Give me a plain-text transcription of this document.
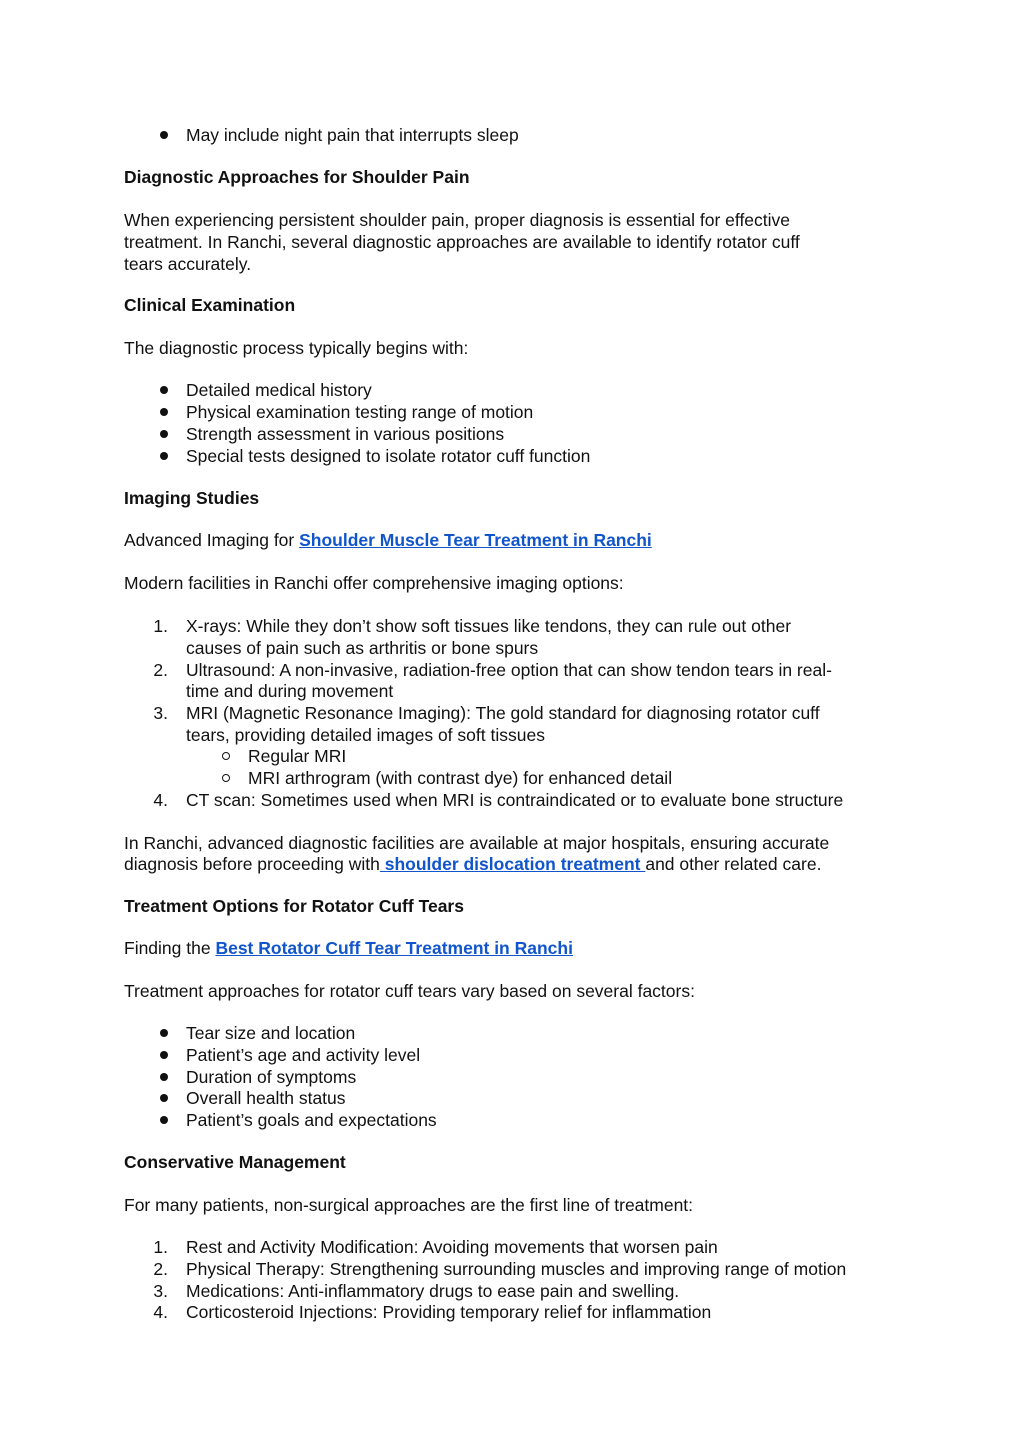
May include night pain that interrupts sleep
Diagnostic Approaches for Shoulder Pain
When experiencing persistent shoulder pain, proper diagnosis is essential for effective
treatment. In Ranchi, several diagnostic approaches are available to identify rotator cuff
tears accurately.
Clinical Examination
The diagnostic process typically begins with:
Detailed medical history
Physical examination testing range of motion
Strength assessment in various positions
Special tests designed to isolate rotator cuff function
Imaging Studies
Advanced Imaging for Shoulder Muscle Tear Treatment in Ranchi
Modern facilities in Ranchi offer comprehensive imaging options:
1. X-rays: While they don’t show soft tissues like tendons, they can rule out other
causes of pain such as arthritis or bone spurs
2. Ultrasound: A non-invasive, radiation-free option that can show tendon tears in real-
time and during movement
3. MRI (Magnetic Resonance Imaging): The gold standard for diagnosing rotator cuff
tears, providing detailed images of soft tissues
Regular MRI
MRI arthrogram (with contrast dye) for enhanced detail
4. CT scan: Sometimes used when MRI is contraindicated or to evaluate bone structure
In Ranchi, advanced diagnostic facilities are available at major hospitals, ensuring accurate
diagnosis before proceeding with shoulder dislocation treatment and other related care.
Treatment Options for Rotator Cuff Tears
Finding the Best Rotator Cuff Tear Treatment in Ranchi
Treatment approaches for rotator cuff tears vary based on several factors:
Tear size and location
Patient’s age and activity level
Duration of symptoms
Overall health status
Patient’s goals and expectations
Conservative Management
For many patients, non-surgical approaches are the first line of treatment:
1. Rest and Activity Modification: Avoiding movements that worsen pain
2. Physical Therapy: Strengthening surrounding muscles and improving range of motion
3. Medications: Anti-inflammatory drugs to ease pain and swelling.
4. Corticosteroid Injections: Providing temporary relief for inflammation
